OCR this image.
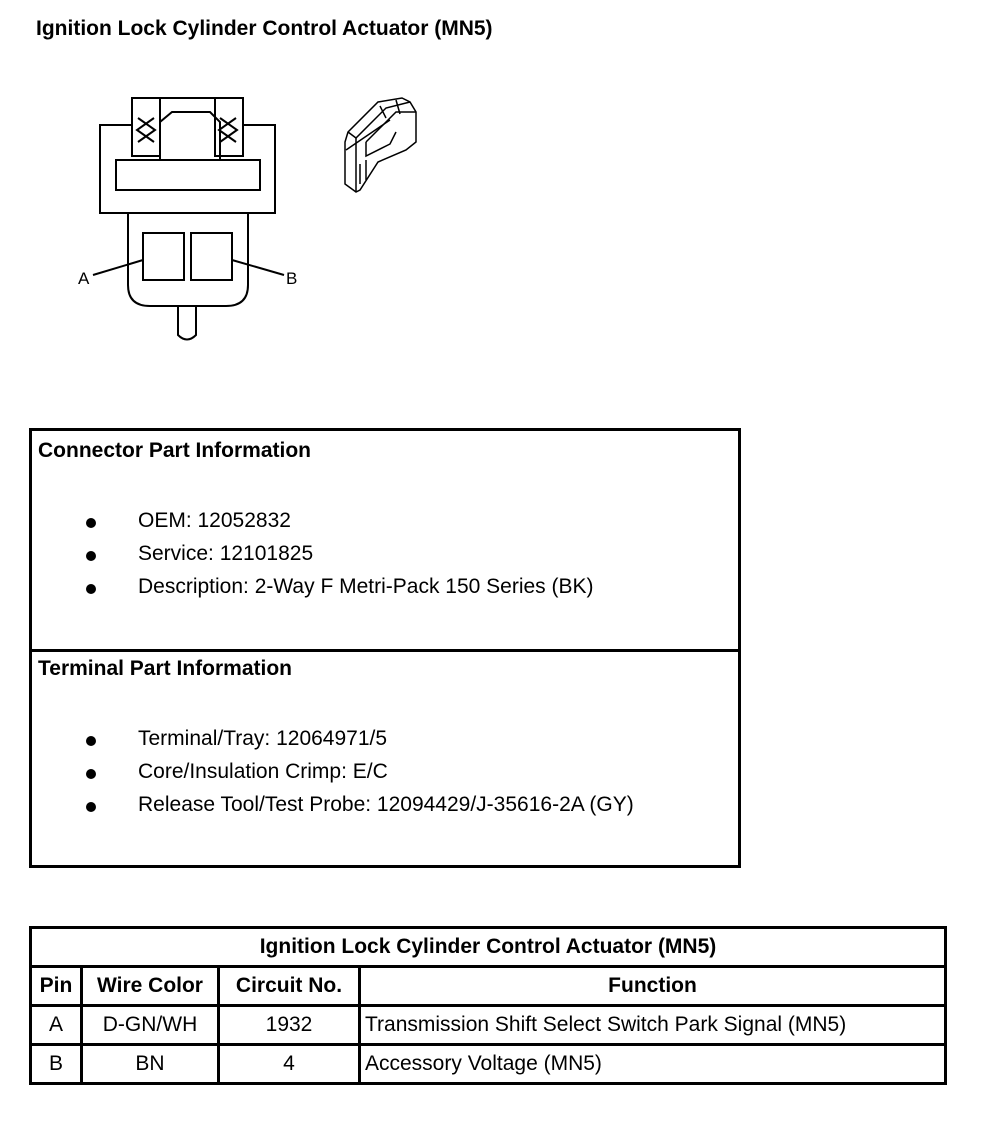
Ignition Lock Cylinder Control Actuator (MN5)
A	B
Connector Part Information
OEM: 12052832
Service: 12101825
Description: 2-Way F Metri-Pack 150 Series (BK)
Terminal Part Information
Terminal/Tray: 12064971/5
Core/Insulation Crimp: E/C
Release Tool/Test Probe: 12094429/J-35616-2A (GY)
Ignition Lock Cylinder Control Actuator (MN5)			
Pin	Wire Color	Circuit No.	Function
A	D-GN/WH	1932	Transmission Shift Select Switch Park Signal (MN5)
B	BN	4	Accessory Voltage (MN5)
